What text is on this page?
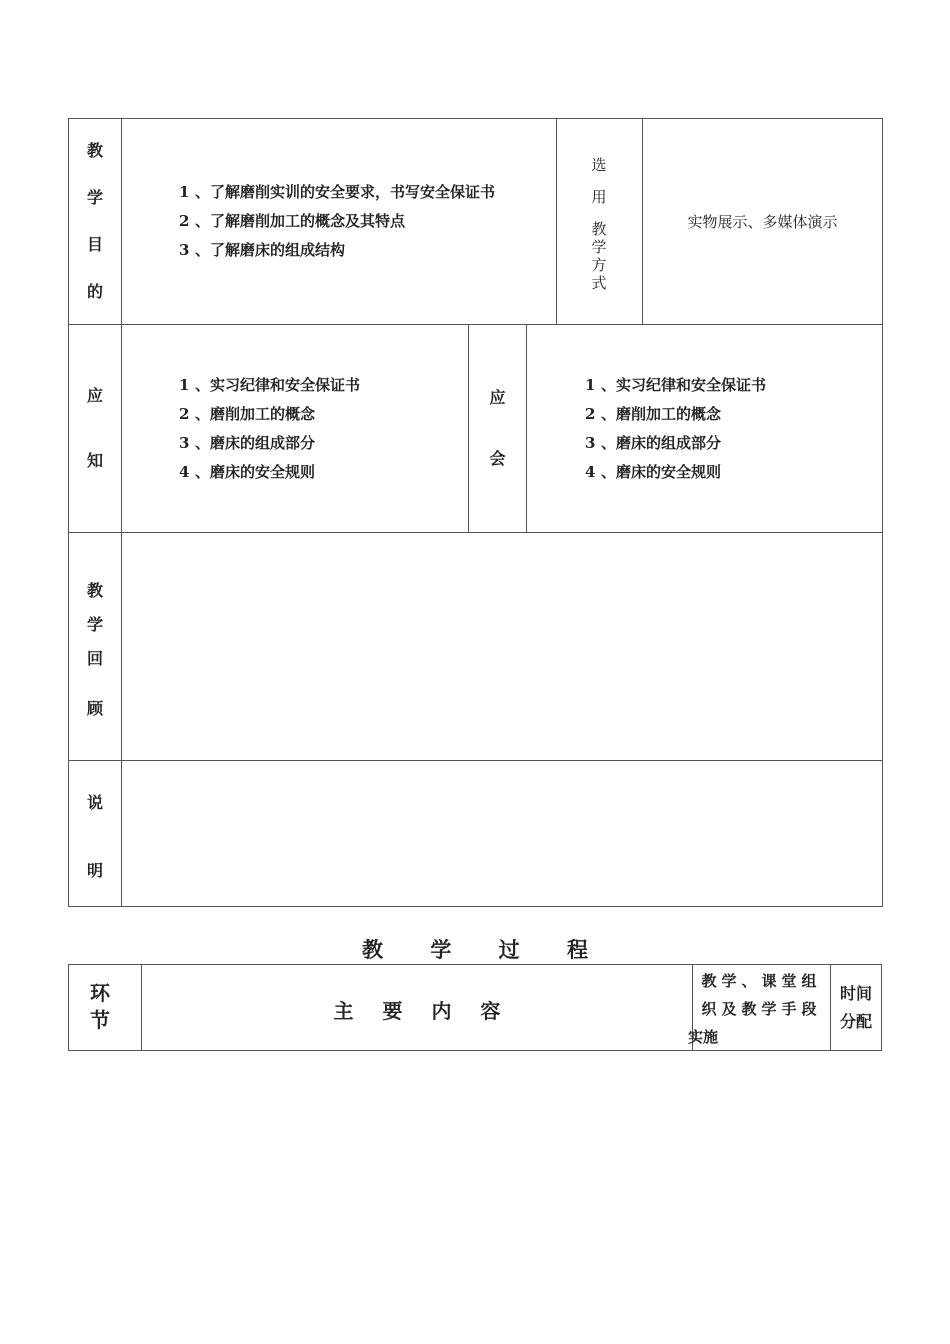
教
学
目
的
1 、了解磨削实训的安全要求，书写安全保证书
2 、了解磨削加工的概念及其特点
3 、了解磨床的组成结构
选
用
教学方式
实物展示、多媒体演示
应
知
1 、实习纪律和安全保证书
2 、磨削加工的概念
3 、磨床的组成部分
4 、磨床的安全规则
应
会
1 、实习纪律和安全保证书
2 、磨削加工的概念
3 、磨床的组成部分
4 、磨床的安全规则
教
学
回
顾
说
明
教 学 过 程
环
节	主 要 内 容
教学、课堂组
织及教学手段
实施
时间
分配
